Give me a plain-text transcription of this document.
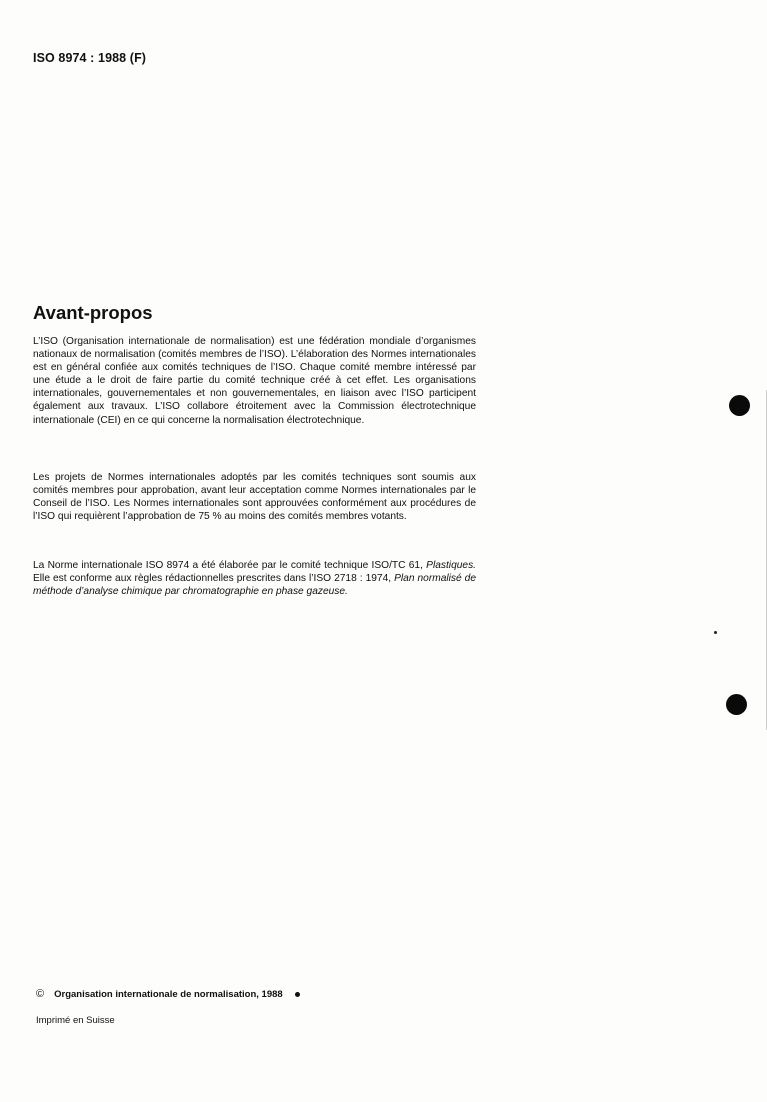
ISO 8974 : 1988 (F)
Avant-propos
L’ISO (Organisation internationale de normalisation) est une fédération mondiale d’organismes nationaux de normalisation (comités membres de l’ISO). L’élaboration des Normes internationales est en général confiée aux comités techniques de l’ISO. Chaque comité membre intéressé par une étude a le droit de faire partie du comité technique créé à cet effet. Les organisations internationales, gouvernementales et non gouvernementales, en liaison avec l’ISO participent également aux travaux. L’ISO collabore étroitement avec la Commission électrotechnique internationale (CEI) en ce qui concerne la normalisation électrotechnique.
Les projets de Normes internationales adoptés par les comités techniques sont soumis aux comités membres pour approbation, avant leur acceptation comme Normes internationales par le Conseil de l’ISO. Les Normes internationales sont approuvées conformément aux procédures de l’ISO qui requièrent l’approbation de 75 % au moins des comités membres votants.
La Norme internationale ISO 8974 a été élaborée par le comité technique ISO/TC 61, Plastiques. Elle est conforme aux règles rédactionnelles prescrites dans l’ISO 2718 : 1974, Plan normalisé de méthode d’analyse chimique par chromatographie en phase gazeuse.
© Organisation internationale de normalisation, 1988
Imprimé en Suisse
